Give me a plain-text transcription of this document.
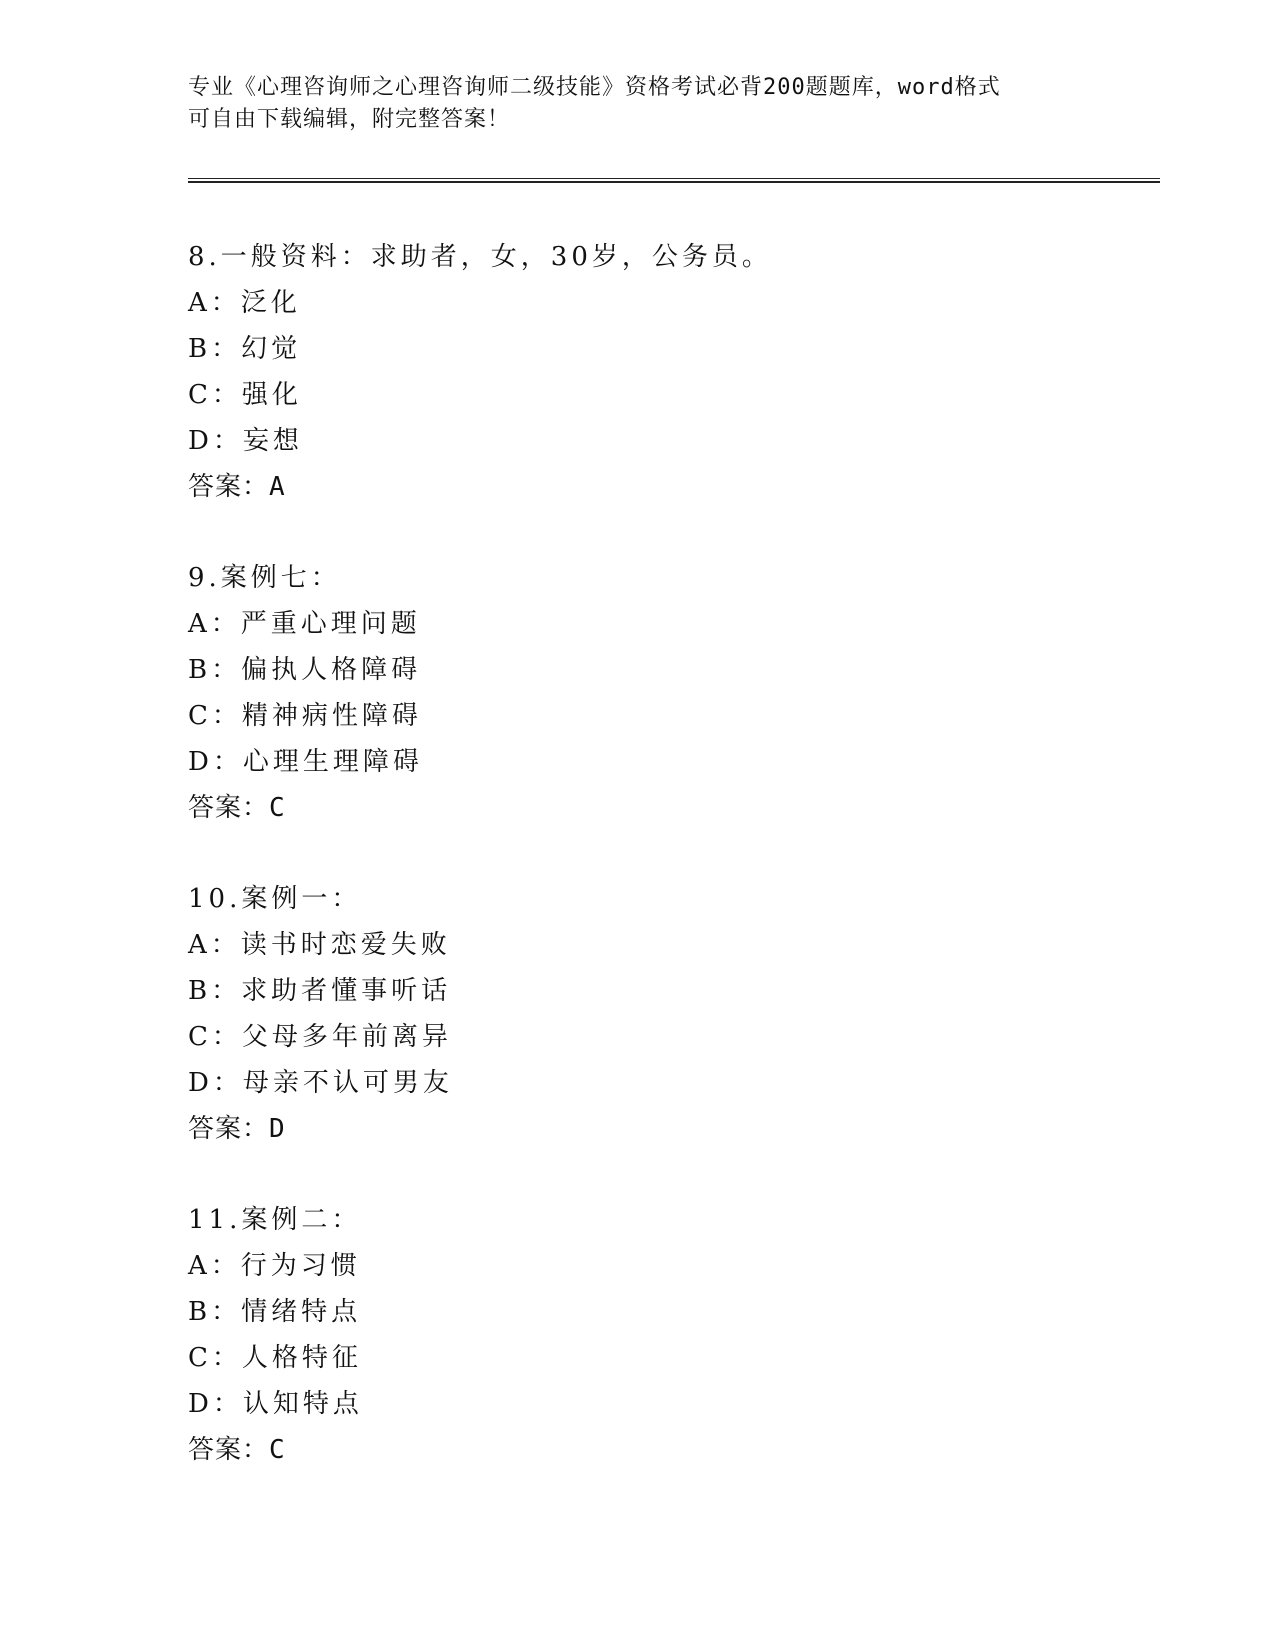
专业《心理咨询师之心理咨询师二级技能》资格考试必背200题题库，word格式
可自由下载编辑，附完整答案！
8.一般资料：求助者，女，30岁，公务员。
A：泛化
B：幻觉
C：强化
D：妄想
答案：A
9.案例七：
A：严重心理问题
B：偏执人格障碍
C：精神病性障碍
D：心理生理障碍
答案：C
10.案例一：
A：读书时恋爱失败
B：求助者懂事听话
C：父母多年前离异
D：母亲不认可男友
答案：D
11.案例二：
A：行为习惯
B：情绪特点
C：人格特征
D：认知特点
答案：C
